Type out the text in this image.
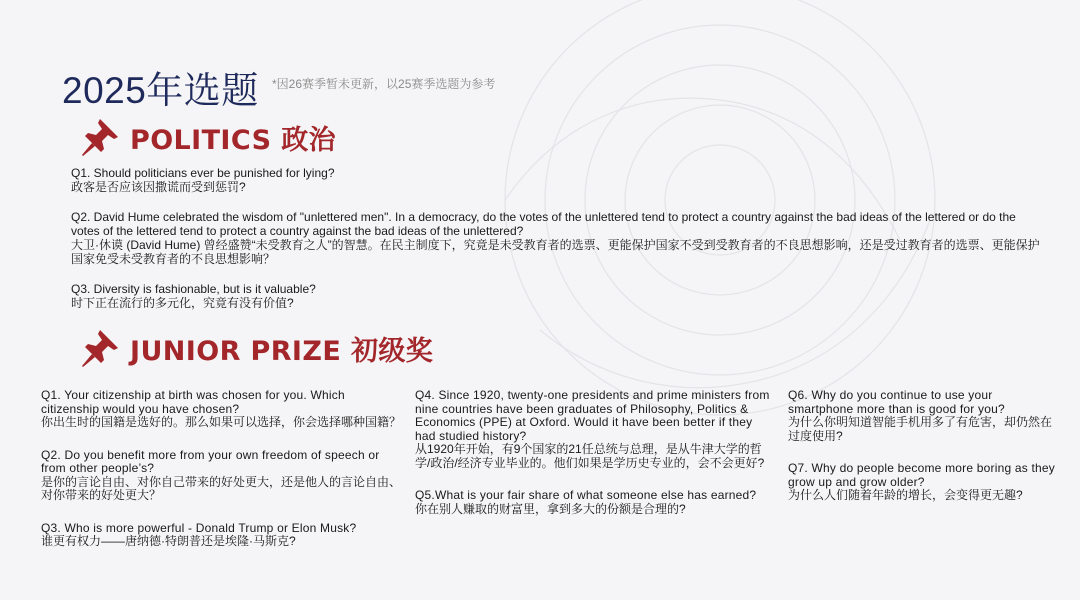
2025年选题 *因26赛季暂未更新，以25赛季选题为参考
POLITICS 政治

Q1. Should politicians ever be punished for lying?

政客是否应该因撒谎而受到惩罚?

Q2. David Hume celebrated the wisdom of "unlettered men". In a democracy, do the votes of the unlettered tend to protect a country against the bad ideas of the lettered or do the votes of the lettered tend to protect a country against the bad ideas of the unlettered?

大卫·休谟 (David Hume) 曾经盛赞“未受教育之人”的智慧。在民主制度下，究竟是未受教育者的选票、更能保护国家不受到受教育者的不良思想影响，还是受过教育者的选票、更能保护国家免受未受教育者的不良思想影响？

Q3. Diversity is fashionable, but is it valuable?

时下正在流行的多元化，究竟有没有价值?

JUNIOR PRIZE 初级奖

Q1. Your citizenship at birth was chosen for you. Which citizenship would you have chosen?

你出生时的国籍是选好的。那么如果可以选择，你会选择哪种国籍？

Q2. Do you benefit more from your own freedom of speech or from other people’s?

是你的言论自由、对你自己带来的好处更大，还是他人的言论自由、对你带来的好处更大？

Q3. Who is more powerful - Donald Trump or Elon Musk?

谁更有权力——唐纳德·特朗普还是埃隆·马斯克?

Q4. Since 1920, twenty-one presidents and prime ministers from nine countries have been graduates of Philosophy, Politics & Economics (PPE) at Oxford. Would it have been better if they had studied history?

从1920年开始，有9个国家的21任总统与总理，是从牛津大学的哲学/政治/经济专业毕业的。他们如果是学历史专业的，会不会更好?

Q5.What is your fair share of what someone else has earned?

你在别人赚取的财富里，拿到多大的份额是合理的?

Q6. Why do you continue to use your smartphone more than is good for you?

为什么你明知道智能手机用多了有危害，却仍然在过度使用?

Q7. Why do people become more boring as they grow up and grow older?

为什么人们随着年龄的增长，会变得更无趣?
